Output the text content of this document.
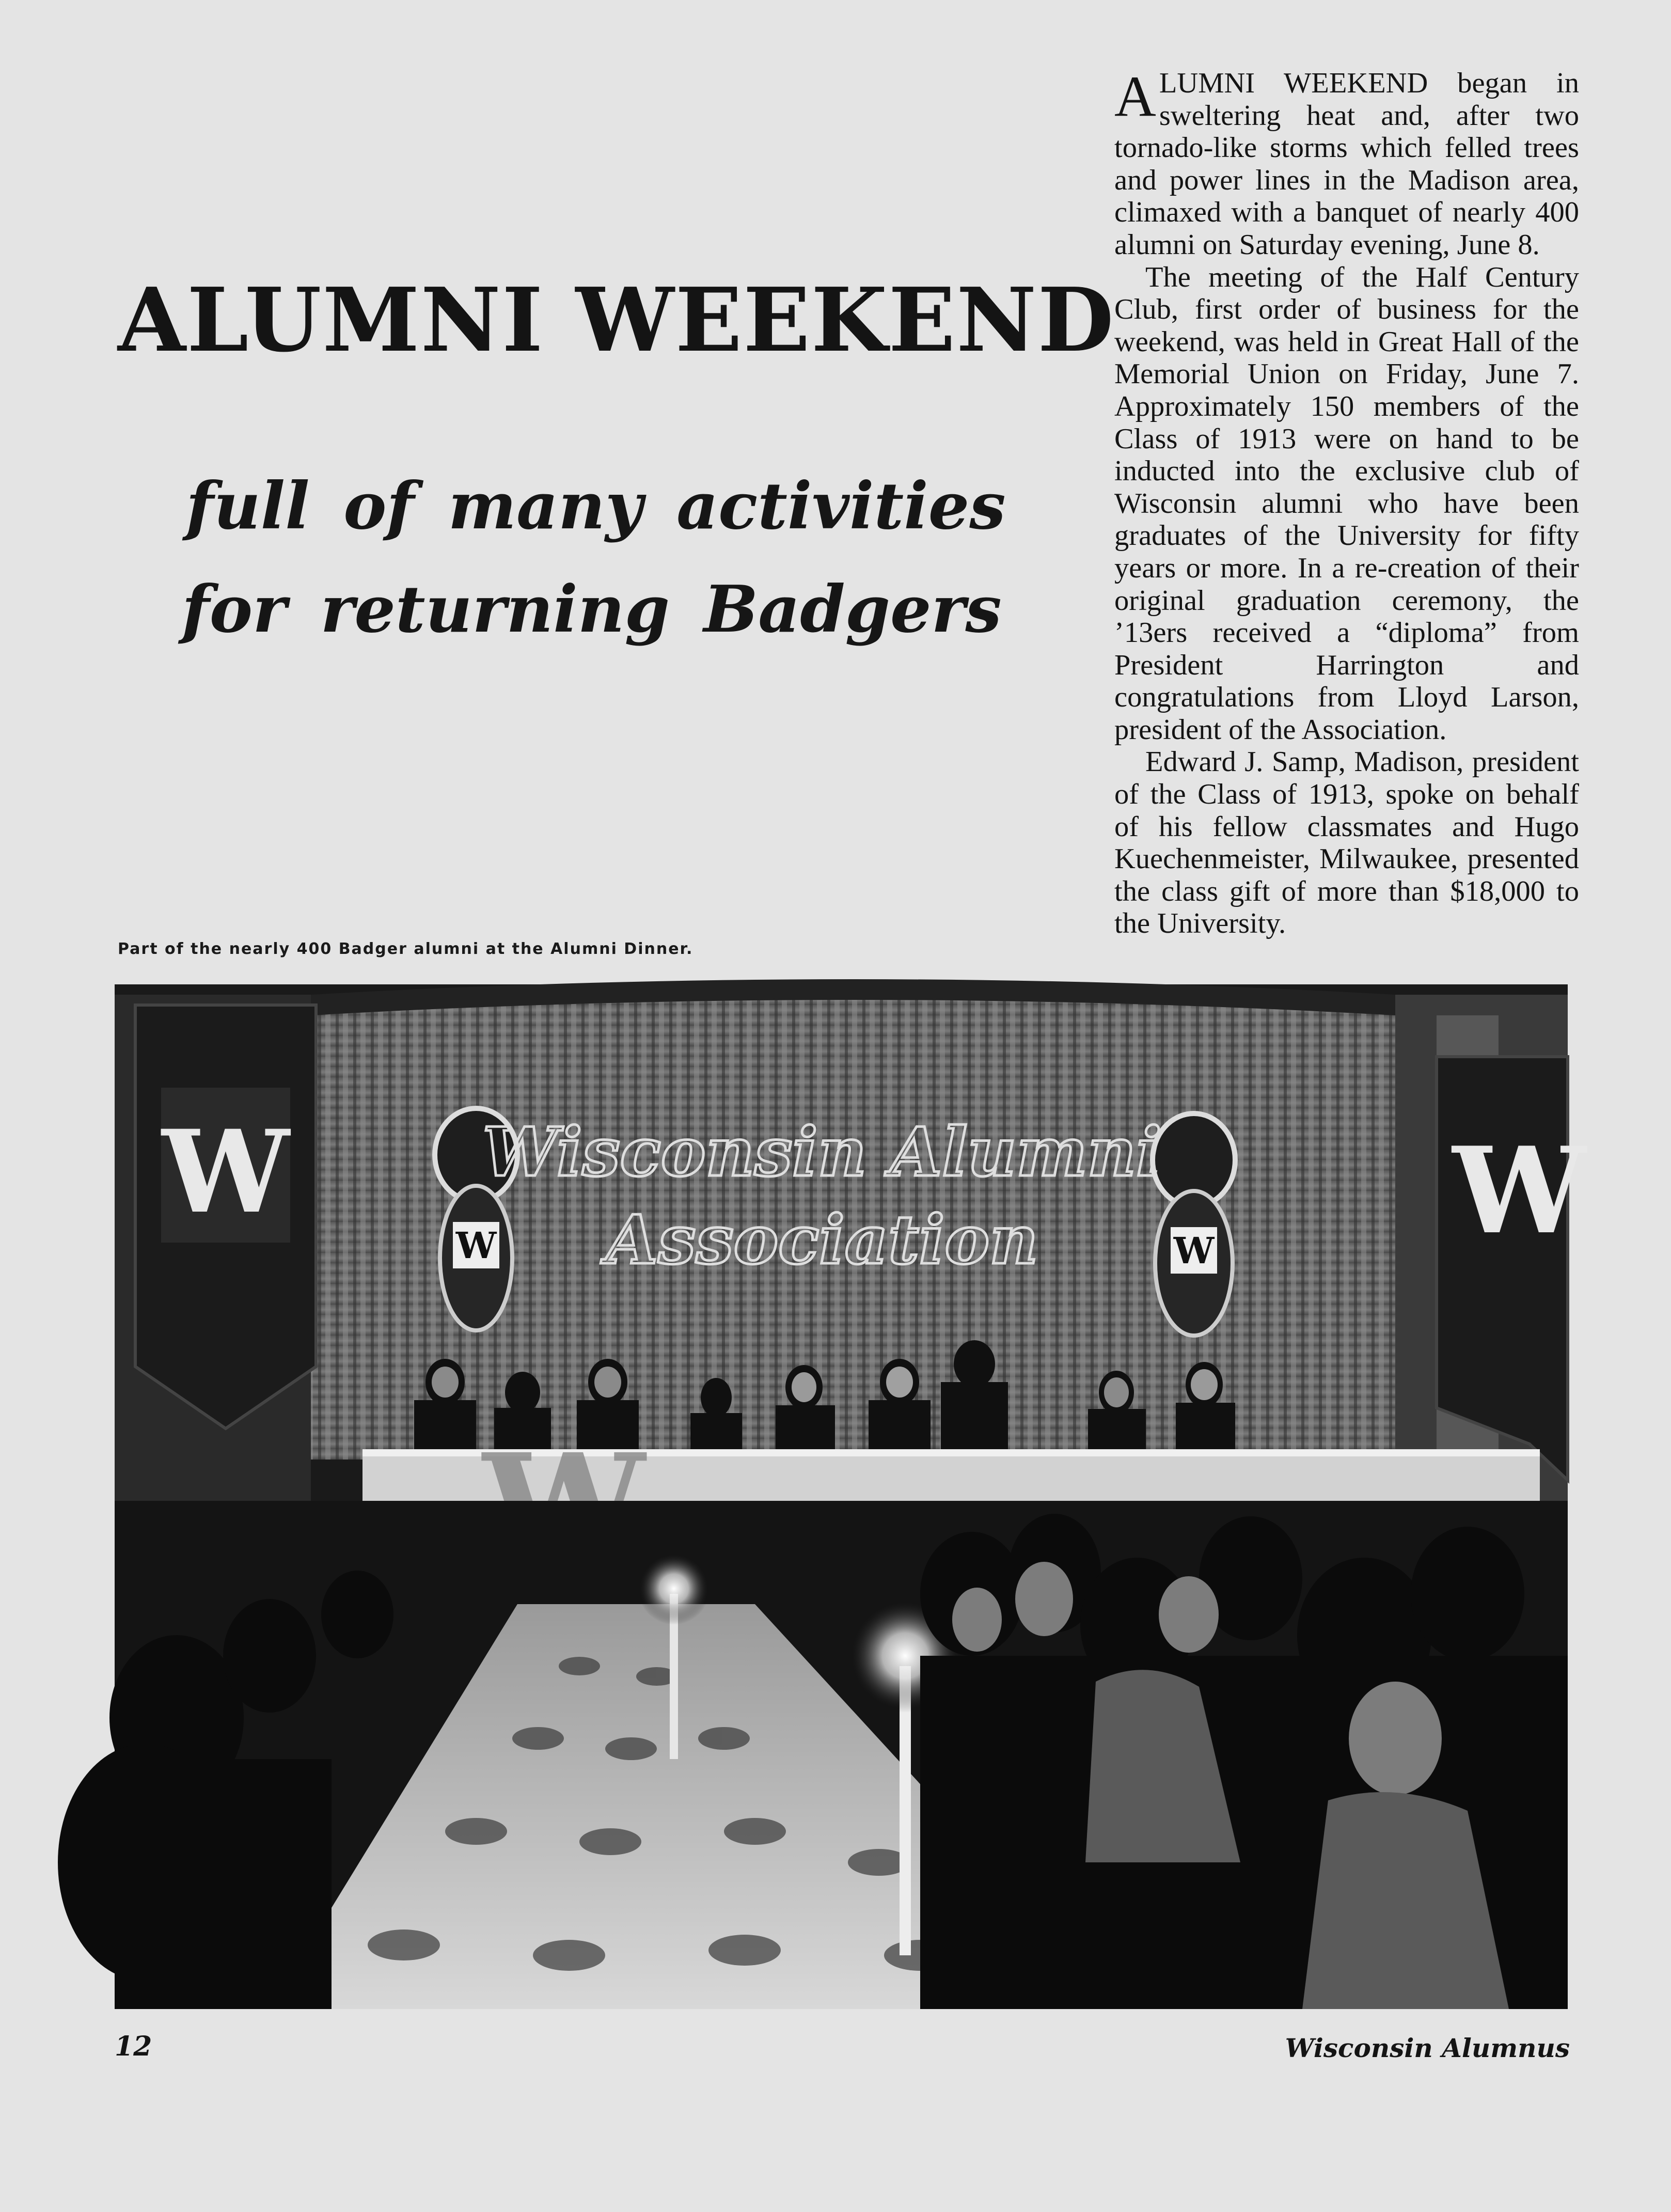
ALUMNI WEEKEND
full of many activities
for returning Badgers

ALUMNI WEEKEND began in sweltering heat and, after two tornado-like storms which felled trees and power lines in the Madison area, climaxed with a banquet of nearly 400 alumni on Saturday evening, June 8.

The meeting of the Half Century Club, first order of business for the weekend, was held in Great Hall of the Memorial Union on Friday, June 7. Approximately 150 members of the Class of 1913 were on hand to be inducted into the exclusive club of Wisconsin alumni who have been graduates of the University for fifty years or more. In a re-creation of their original graduation ceremony, the ’13ers received a “diploma” from President Harrington and congratulations from Lloyd Larson, president of the Association.

Edward J. Samp, Madison, president of the Class of 1913, spoke on behalf of his fellow classmates and Hugo Kuechenmeister, Milwaukee, presented the class gift of more than $18,000 to the University.

Part of the nearly 400 Badger alumni at the Alumni Dinner.
W	W
W	W
Wisconsin Alumni
Association
12	Wisconsin Alumnus
